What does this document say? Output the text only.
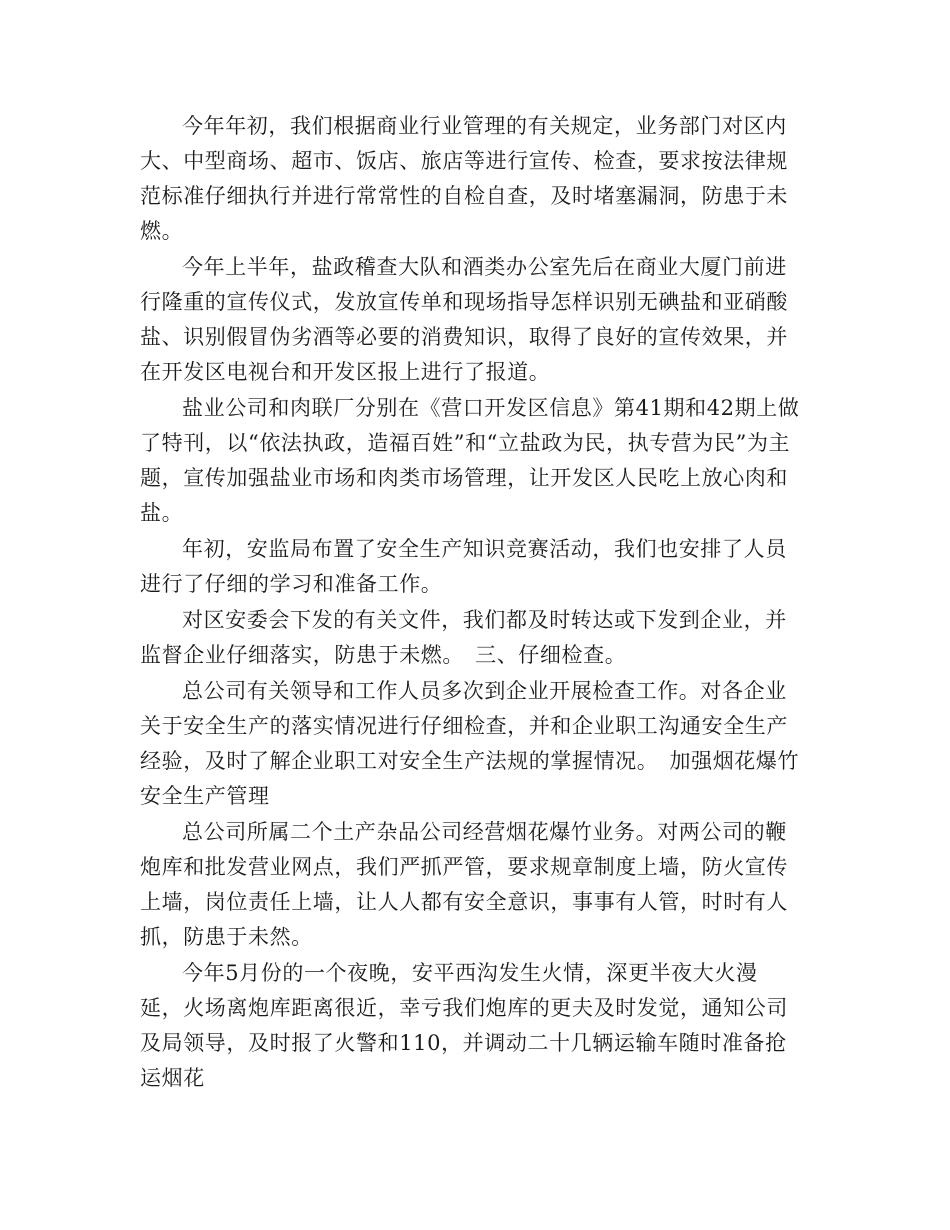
今年年初，我们根据商业行业管理的有关规定，业务部门对区内大、中型商场、超市、饭店、旅店等进行宣传、检查，要求按法律规范标准仔细执行并进行常常性的自检自查，及时堵塞漏洞，防患于未燃。

今年上半年，盐政稽查大队和酒类办公室先后在商业大厦门前进行隆重的宣传仪式，发放宣传单和现场指导怎样识别无碘盐和亚硝酸盐、识别假冒伪劣酒等必要的消费知识，取得了良好的宣传效果，并在开发区电视台和开发区报上进行了报道。

盐业公司和肉联厂分别在《营口开发区信息》第41期和42期上做了特刊，以“依法执政，造福百姓”和“立盐政为民，执专营为民”为主题，宣传加强盐业市场和肉类市场管理，让开发区人民吃上放心肉和盐。

年初，安监局布置了安全生产知识竞赛活动，我们也安排了人员进行了仔细的学习和准备工作。

对区安委会下发的有关文件，我们都及时转达或下发到企业，并监督企业仔细落实，防患于未燃。　三、仔细检查。

总公司有关领导和工作人员多次到企业开展检查工作。对各企业关于安全生产的落实情况进行仔细检查，并和企业职工沟通安全生产经验，及时了解企业职工对安全生产法规的掌握情况。　加强烟花爆竹安全生产管理

总公司所属二个土产杂品公司经营烟花爆竹业务。对两公司的鞭炮库和批发营业网点，我们严抓严管，要求规章制度上墙，防火宣传上墙，岗位责任上墙，让人人都有安全意识，事事有人管，时时有人抓，防患于未然。

今年5月份的一个夜晚，安平西沟发生火情，深更半夜大火漫延，火场离炮库距离很近，幸亏我们炮库的更夫及时发觉，通知公司及局领导，及时报了火警和110，并调动二十几辆运输车随时准备抢运烟花
